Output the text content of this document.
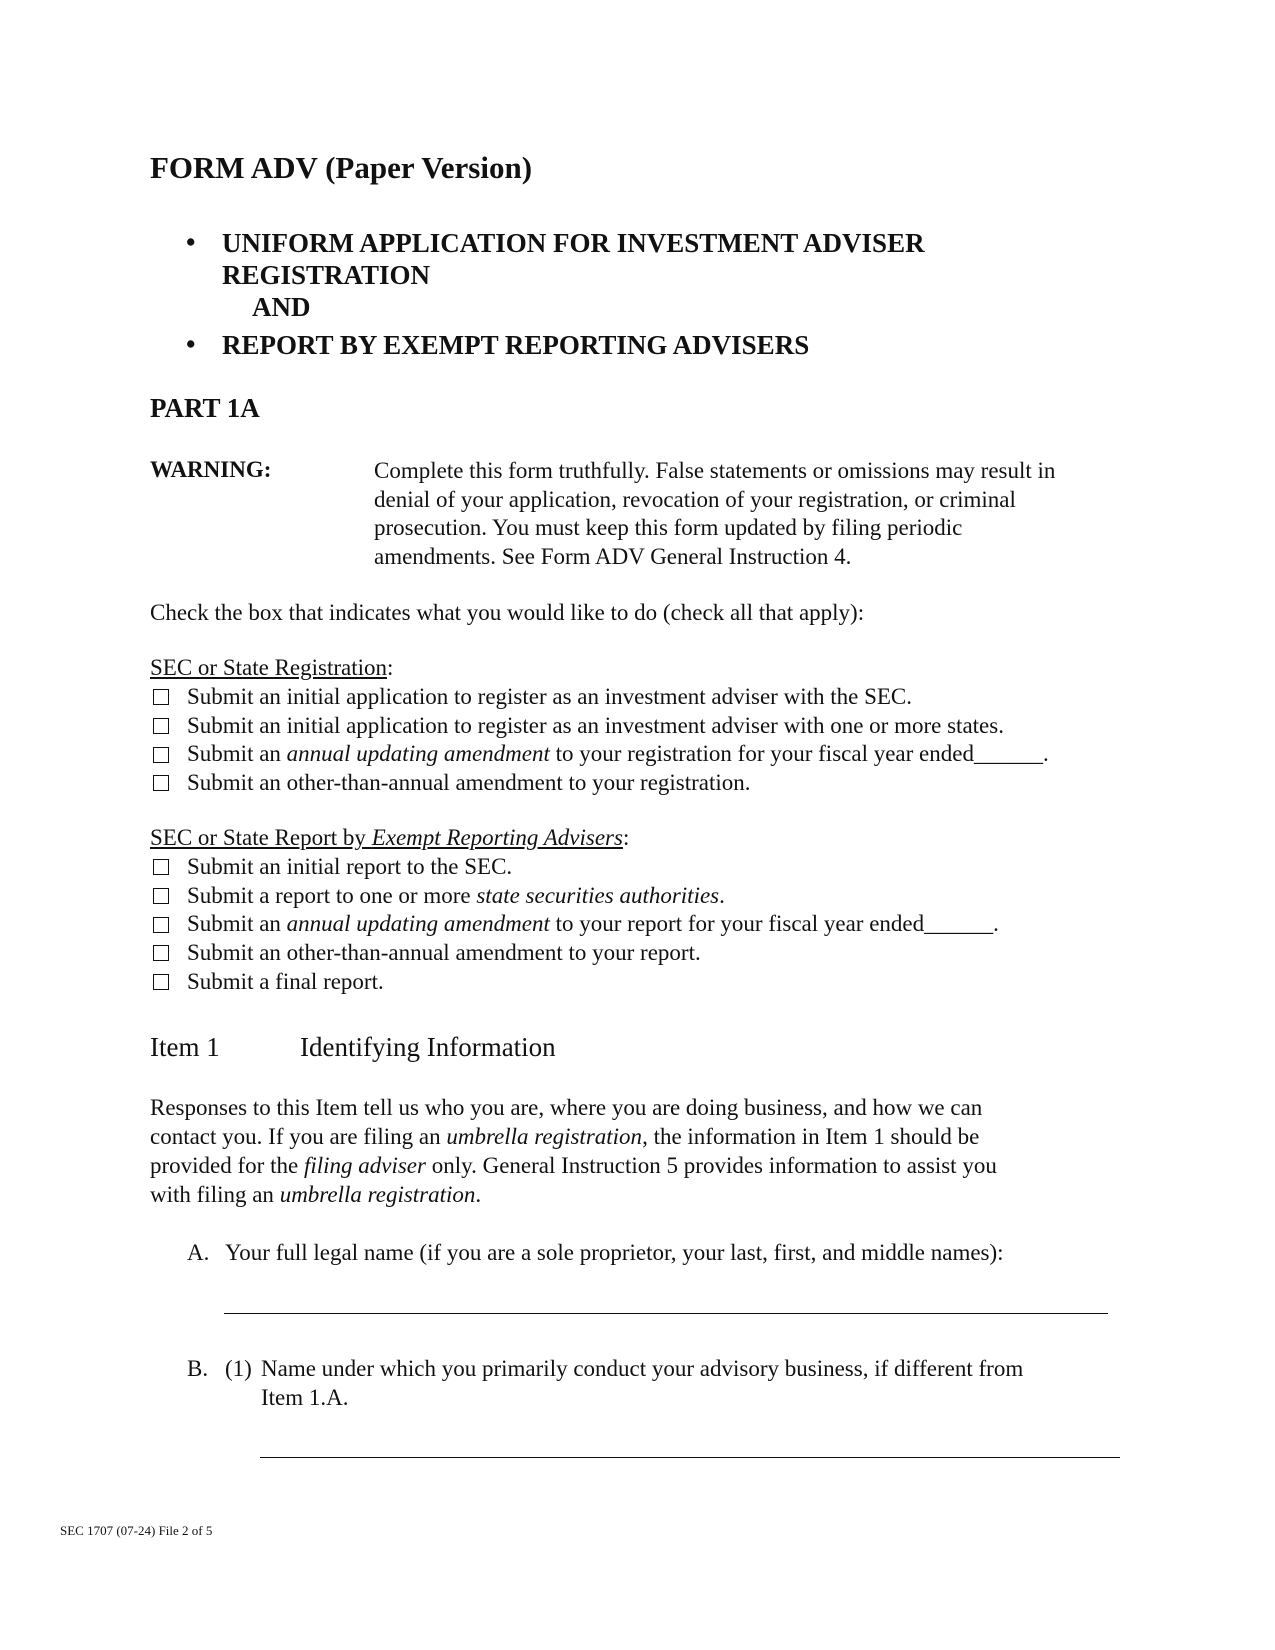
FORM ADV (Paper Version)
• UNIFORM APPLICATION FOR INVESTMENT ADVISER
REGISTRATION
AND
• REPORT BY EXEMPT REPORTING ADVISERS
PART 1A
WARNING:	Complete this form truthfully. False statements or omissions may result in
denial of your application, revocation of your registration, or criminal
prosecution. You must keep this form updated by filing periodic
amendments. See Form ADV General Instruction 4.
Check the box that indicates what you would like to do (check all that apply):
SEC or State Registration:
Submit an initial application to register as an investment adviser with the SEC.
Submit an initial application to register as an investment adviser with one or more states.
Submit an annual updating amendment to your registration for your fiscal year ended______.
Submit an other-than-annual amendment to your registration.
SEC or State Report by Exempt Reporting Advisers:
Submit an initial report to the SEC.
Submit a report to one or more state securities authorities.
Submit an annual updating amendment to your report for your fiscal year ended______.
Submit an other-than-annual amendment to your report.
Submit a final report.
Item 1	Identifying Information
Responses to this Item tell us who you are, where you are doing business, and how we can
contact you. If you are filing an umbrella registration, the information in Item 1 should be
provided for the filing adviser only. General Instruction 5 provides information to assist you
with filing an umbrella registration.
A. Your full legal name (if you are a sole proprietor, your last, first, and middle names):
B. (1) Name under which you primarily conduct your advisory business, if different from
Item 1.A.
SEC 1707 (07-24) File 2 of 5
